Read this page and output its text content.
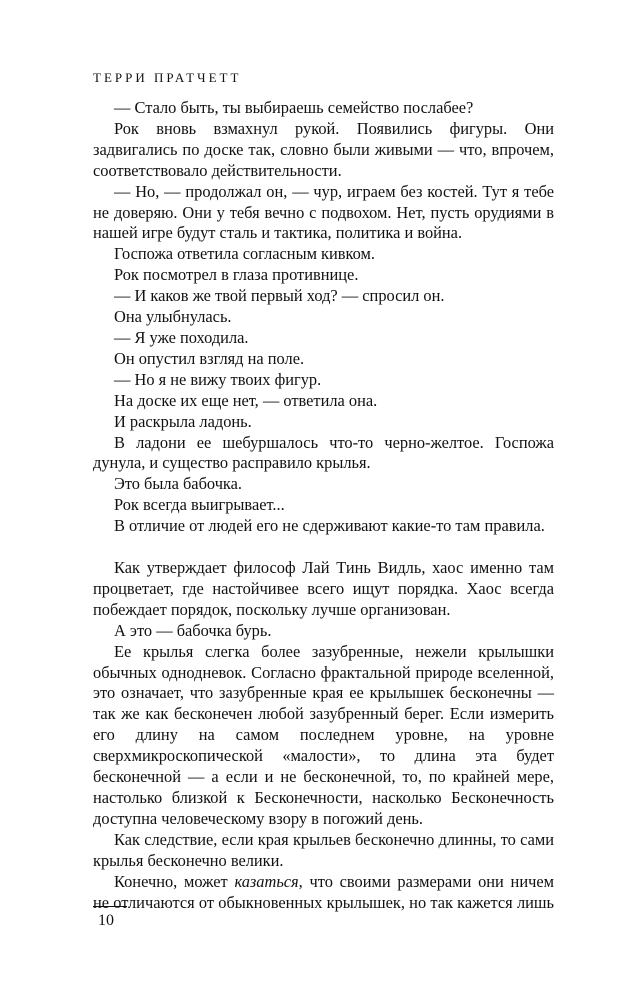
ТЕРРИ ПРАТЧЕТТ

— Стало быть, ты выбираешь семейство послабее?

Рок вновь взмахнул рукой. Появились фигуры. Они задвигались по доске так, словно были живыми — что, впрочем, соответствовало действительности.

— Но, — продолжал он, — чур, играем без костей. Тут я тебе не доверяю. Они у тебя вечно с подвохом. Нет, пусть орудиями в нашей игре будут сталь и тактика, политика и война.

Госпожа ответила согласным кивком.

Рок посмотрел в глаза противнице.

— И каков же твой первый ход? — спросил он.

Она улыбнулась.

— Я уже походила.

Он опустил взгляд на поле.

— Но я не вижу твоих фигур.

На доске их еще нет, — ответила она.

И раскрыла ладонь.

В ладони ее шебуршалось что-то черно-желтое. Госпожа дунула, и существо расправило крылья.

Это была бабочка.

Рок всегда выигрывает...

В отличие от людей его не сдерживают какие-то там правила.

Как утверждает философ Лай Тинь Видль, хаос именно там процветает, где настойчивее всего ищут порядка. Хаос всегда побеждает порядок, поскольку лучше организован.

А это — бабочка бурь.

Ее крылья слегка более зазубренные, нежели крылышки обычных однодневок. Согласно фрактальной природе вселенной, это означает, что зазубренные края ее крылышек бесконечны — так же как бесконечен любой зазубренный берег. Если измерить его длину на самом последнем уровне, на уровне сверхмикроскопической «малости», то длина эта будет бесконечной — а если и не бесконечной, то, по крайней мере, настолько близкой к Бесконечности, насколько Бесконечность доступна человеческому взору в погожий день.

Как следствие, если края крыльев бесконечно длинны, то сами крылья бесконечно велики.

Конечно, может казаться, что своими размерами они ничем не отличаются от обыкновенных крылышек, но так кажется лишь

10
